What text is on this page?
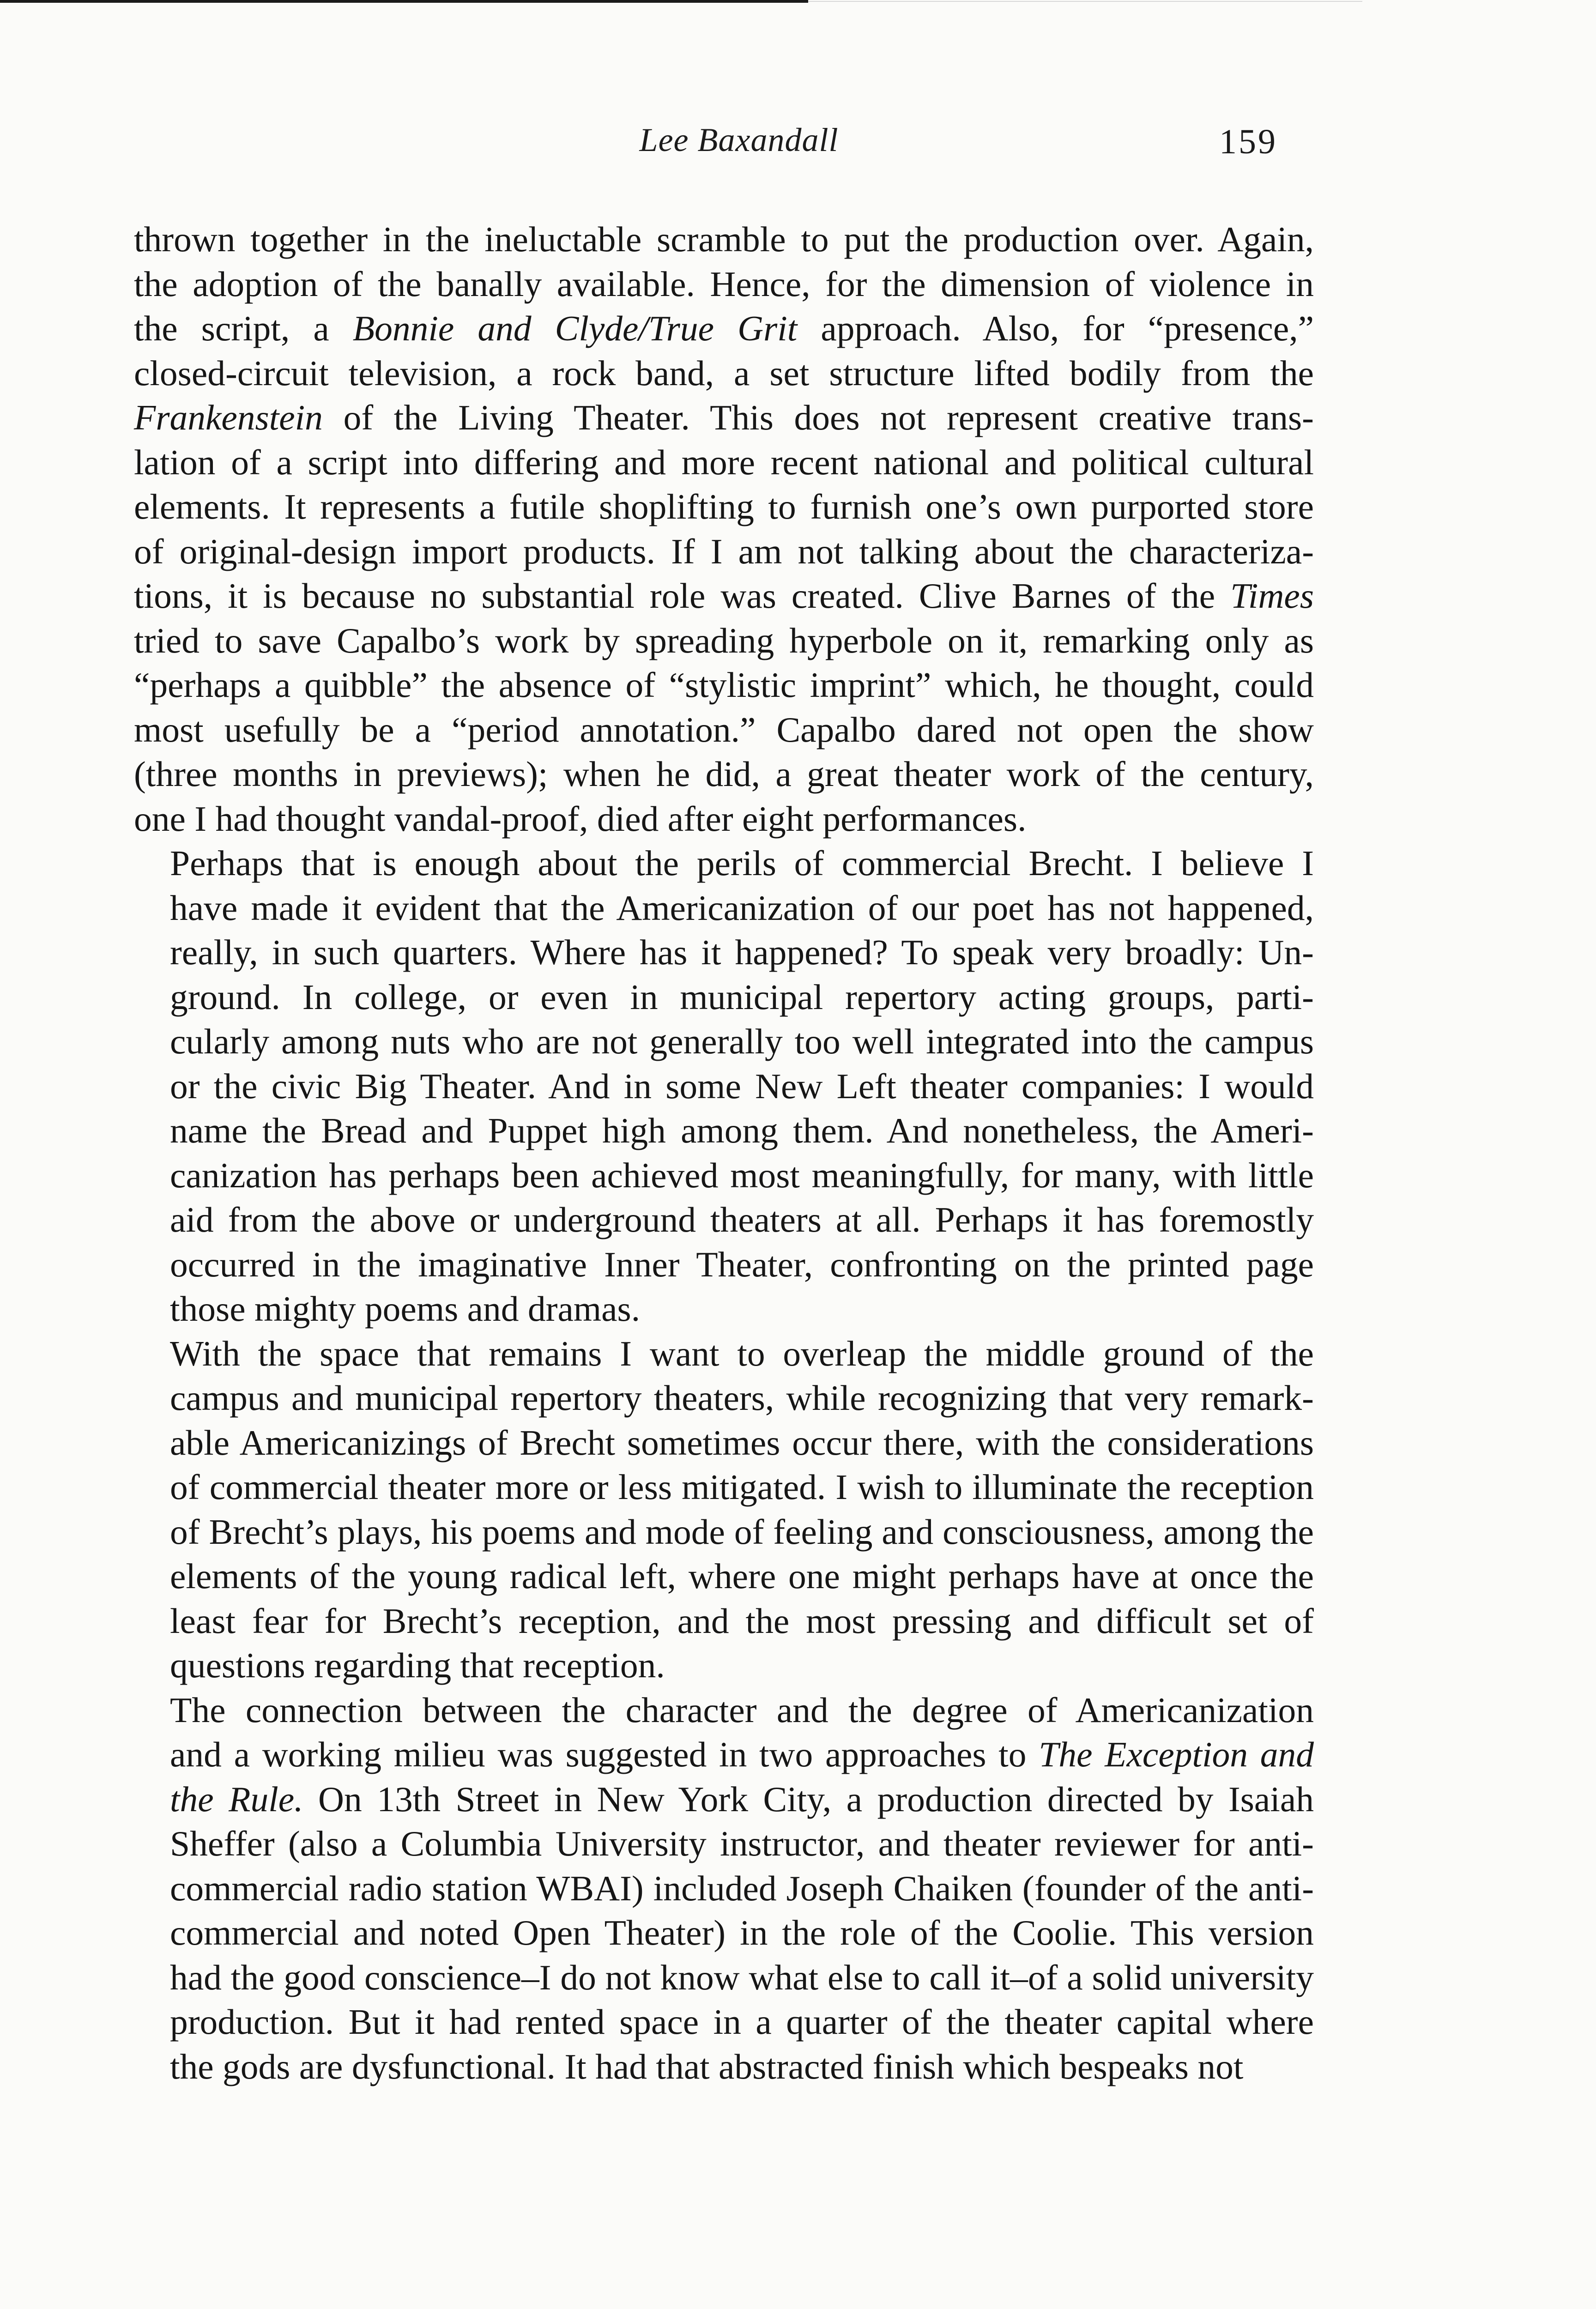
Lee Baxandall	159
thrown together in the ineluctable scramble to put the production over. Again,
the adoption of the banally available. Hence, for the dimension of violence in
the script, a Bonnie and Clyde/True Grit approach. Also, for “presence,”
closed-circuit television, a rock band, a set structure lifted bodily from the
Frankenstein of the Living Theater. This does not represent creative trans-
lation of a script into differing and more recent national and political cultural
elements. It represents a futile shoplifting to furnish one’s own purported store
of original-design import products. If I am not talking about the characteriza-
tions, it is because no substantial role was created. Clive Barnes of the Times
tried to save Capalbo’s work by spreading hyperbole on it, remarking only as
“perhaps a quibble” the absence of “stylistic imprint” which, he thought, could
most usefully be a “period annotation.” Capalbo dared not open the show
(three months in previews); when he did, a great theater work of the century,
one I had thought vandal-proof, died after eight performances.
Perhaps that is enough about the perils of commercial Brecht. I believe I
have made it evident that the Americanization of our poet has not happened,
really, in such quarters. Where has it happened? To speak very broadly: Un-
ground. In college, or even in municipal repertory acting groups, parti-
cularly among nuts who are not generally too well integrated into the campus
or the civic Big Theater. And in some New Left theater companies: I would
name the Bread and Puppet high among them. And nonetheless, the Ameri-
canization has perhaps been achieved most meaningfully, for many, with little
aid from the above or underground theaters at all. Perhaps it has foremostly
occurred in the imaginative Inner Theater, confronting on the printed page
those mighty poems and dramas.
With the space that remains I want to overleap the middle ground of the
campus and municipal repertory theaters, while recognizing that very remark-
able Americanizings of Brecht sometimes occur there, with the considerations
of commercial theater more or less mitigated. I wish to illuminate the reception
of Brecht’s plays, his poems and mode of feeling and consciousness, among the
elements of the young radical left, where one might perhaps have at once the
least fear for Brecht’s reception, and the most pressing and difficult set of
questions regarding that reception.
The connection between the character and the degree of Americanization
and a working milieu was suggested in two approaches to The Exception and
the Rule. On 13th Street in New York City, a production directed by Isaiah
Sheffer (also a Columbia University instructor, and theater reviewer for anti-
commercial radio station WBAI) included Joseph Chaiken (founder of the anti-
commercial and noted Open Theater) in the role of the Coolie. This version
had the good conscience–I do not know what else to call it–of a solid university
production. But it had rented space in a quarter of the theater capital where
the gods are dysfunctional. It had that abstracted finish which bespeaks not
